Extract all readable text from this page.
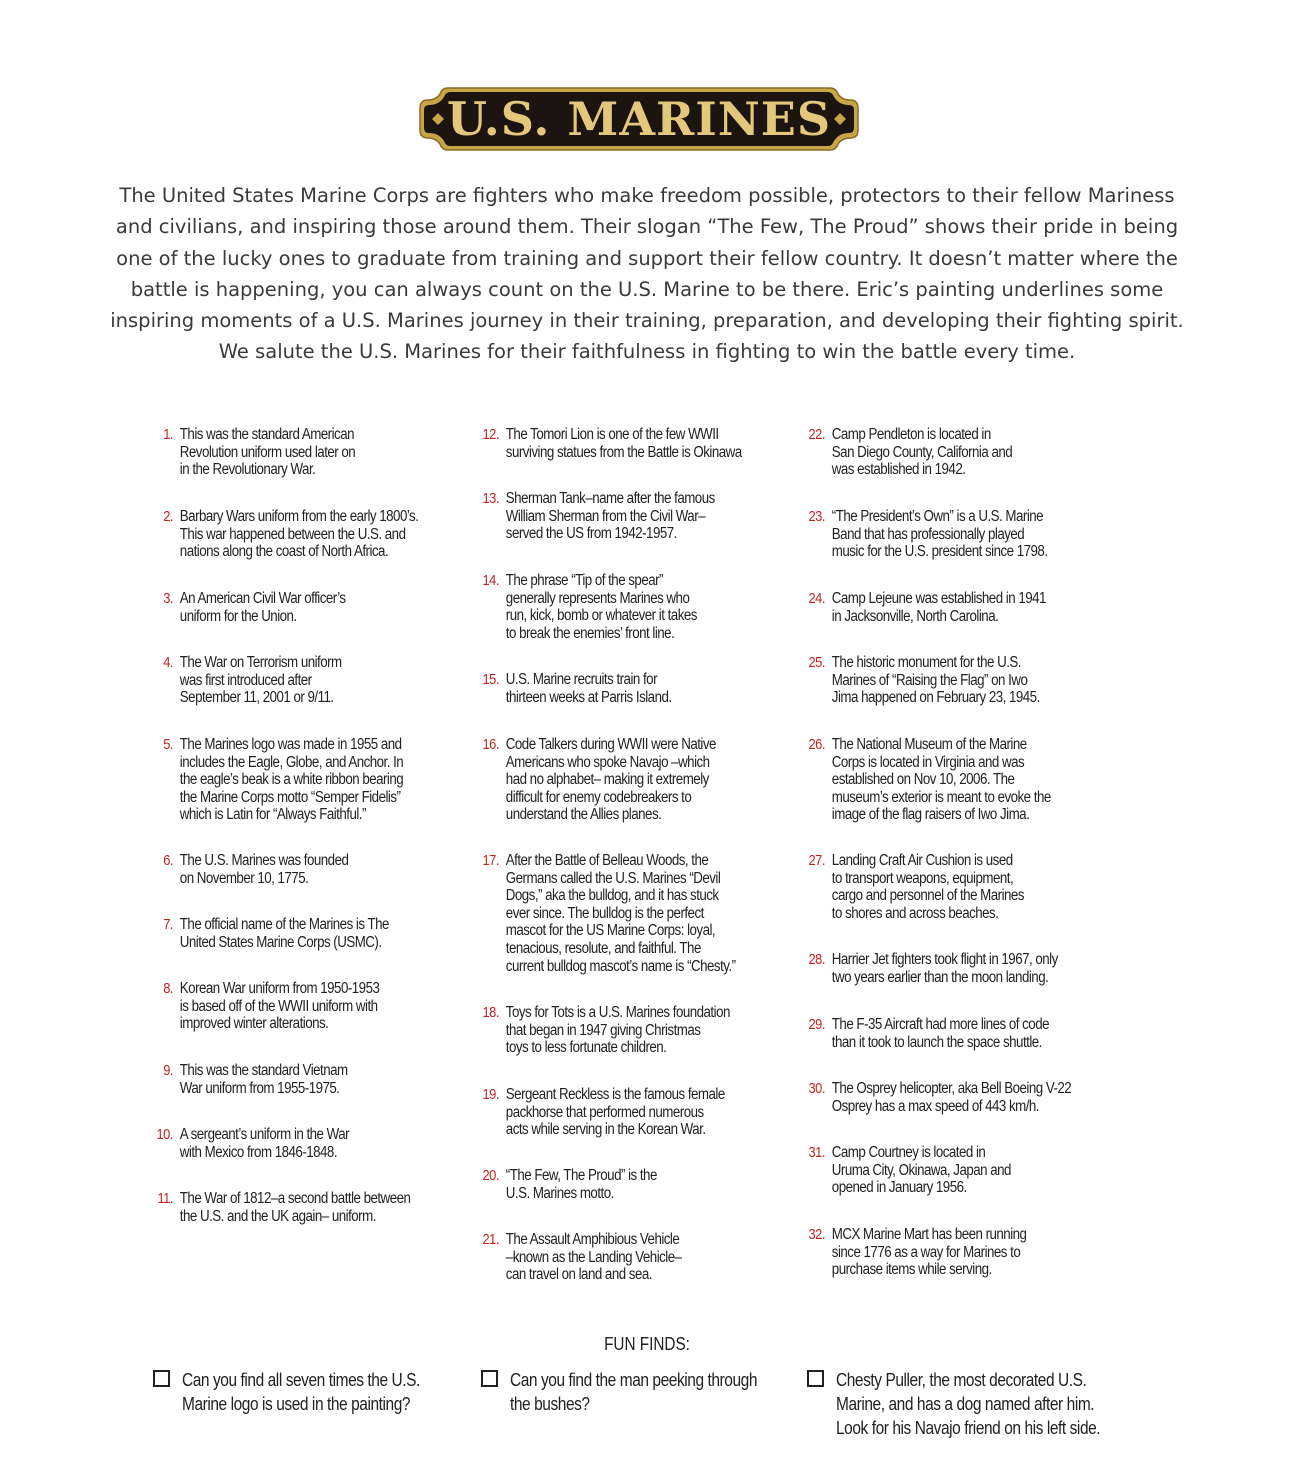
U.S. MARINES

The United States Marine Corps are fighters who make freedom possible, protectors to their fellow Mariness and civilians, and inspiring those around them. Their slogan “The Few, The Proud” shows their pride in being one of the lucky ones to graduate from training and support their fellow country. It doesn’t matter where the battle is happening, you can always count on the U.S. Marine to be there. Eric’s painting underlines some inspiring moments of a U.S. Marines journey in their training, preparation, and developing their fighting spirit. We salute the U.S. Marines for their faithfulness in fighting to win the battle every time.

1. This was the standard American
Revolution uniform used later on
in the Revolutionary War.
2. Barbary Wars uniform from the early 1800’s.
This war happened between the U.S. and
nations along the coast of North Africa.
3. An American Civil War officer’s
uniform for the Union.
4. The War on Terrorism uniform
was first introduced after
September 11, 2001 or 9/11.
5. The Marines logo was made in 1955 and
includes the Eagle, Globe, and Anchor. In
the eagle’s beak is a white ribbon bearing
the Marine Corps motto “Semper Fidelis”
which is Latin for “Always Faithful.”
6. The U.S. Marines was founded
on November 10, 1775.
7. The official name of the Marines is The
United States Marine Corps (USMC).
8. Korean War uniform from 1950-1953
is based off of the WWII uniform with
improved winter alterations.
9. This was the standard Vietnam
War uniform from 1955-1975.
10. A sergeant’s uniform in the War
with Mexico from 1846-1848.
11. The War of 1812–a second battle between
the U.S. and the UK again– uniform.
12. The Tomori Lion is one of the few WWII
surviving statues from the Battle is Okinawa
13. Sherman Tank–name after the famous
William Sherman from the Civil War–
served the US from 1942-1957.
14. The phrase “Tip of the spear”
generally represents Marines who
run, kick, bomb or whatever it takes
to break the enemies’ front line.
15. U.S. Marine recruits train for
thirteen weeks at Parris Island.
16. Code Talkers during WWII were Native
Americans who spoke Navajo –which
had no alphabet– making it extremely
difficult for enemy codebreakers to
understand the Allies planes.
17. After the Battle of Belleau Woods, the
Germans called the U.S. Marines “Devil
Dogs,” aka the bulldog, and it has stuck
ever since. The bulldog is the perfect
mascot for the US Marine Corps: loyal,
tenacious, resolute, and faithful. The
current bulldog mascot’s name is “Chesty.”
18. Toys for Tots is a U.S. Marines foundation
that began in 1947 giving Christmas
toys to less fortunate children.
19. Sergeant Reckless is the famous female
packhorse that performed numerous
acts while serving in the Korean War.
20. “The Few, The Proud” is the
U.S. Marines motto.
21. The Assault Amphibious Vehicle
–known as the Landing Vehicle–
can travel on land and sea.
22. Camp Pendleton is located in
San Diego County, California and
was established in 1942.
23. “The President’s Own” is a U.S. Marine
Band that has professionally played
music for the U.S. president since 1798.
24. Camp Lejeune was established in 1941
in Jacksonville, North Carolina.
25. The historic monument for the U.S.
Marines of “Raising the Flag” on Iwo
Jima happened on February 23, 1945.
26. The National Museum of the Marine
Corps is located in Virginia and was
established on Nov 10, 2006. The
museum’s exterior is meant to evoke the
image of the flag raisers of Iwo Jima.
27. Landing Craft Air Cushion is used
to transport weapons, equipment,
cargo and personnel of the Marines
to shores and across beaches.
28. Harrier Jet fighters took flight in 1967, only
two years earlier than the moon landing.
29. The F-35 Aircraft had more lines of code
than it took to launch the space shuttle.
30. The Osprey helicopter, aka Bell Boeing V-22
Osprey has a max speed of 443 km/h.
31. Camp Courtney is located in
Uruma City, Okinawa, Japan and
opened in January 1956.
32. MCX Marine Mart has been running
since 1776 as a way for Marines to
purchase items while serving.
FUN FINDS:
Can you find all seven times the U.S.
Marine logo is used in the painting?
Can you find the man peeking through
the bushes?
Chesty Puller, the most decorated U.S.
Marine, and has a dog named after him.
Look for his Navajo friend on his left side.
